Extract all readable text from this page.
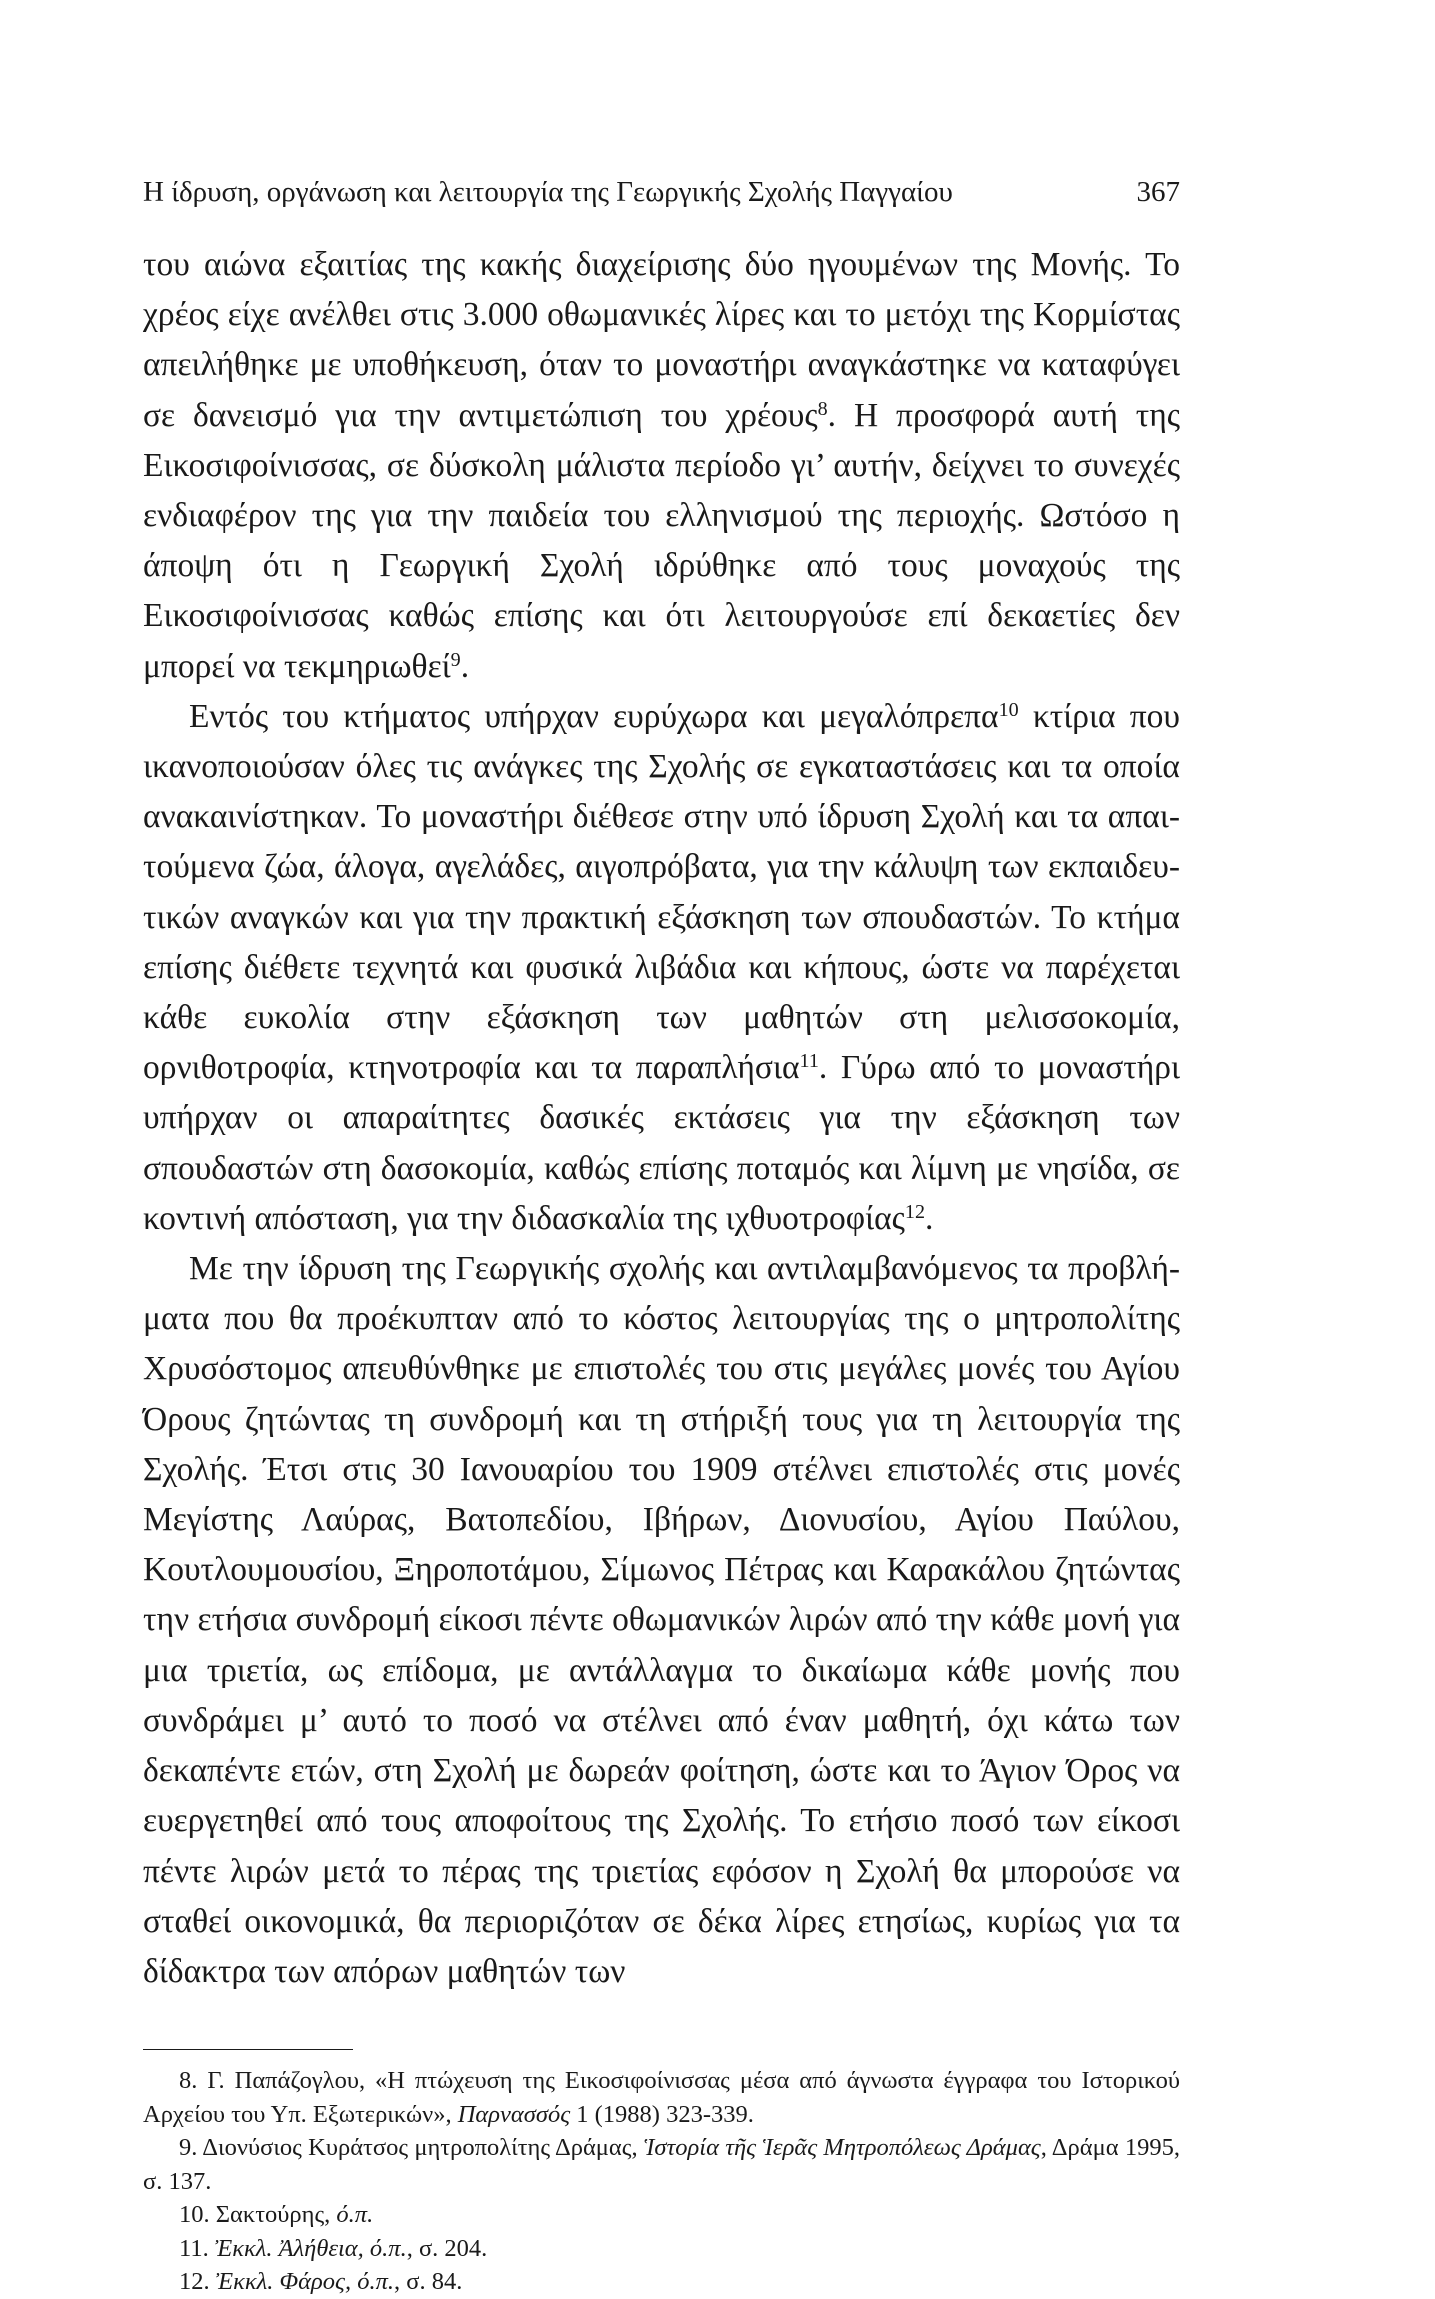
Η ίδρυση, οργάνωση και λειτουργία της Γεωργικής Σχολής Παγγαίου	367

του αιώνα εξαιτίας της κακής διαχείρισης δύο ηγουμένων της Μονής. Το χρέος είχε ανέλθει στις 3.000 οθωμανικές λίρες και το μετόχι της Κορμίστας απειλήθηκε με υποθήκευση, όταν το μοναστήρι αναγκάστηκε να καταφύγει σε δανεισμό για την αντιμετώπιση του χρέους$^8$. Η προσφορά αυτή της Εικοσιφοίνισσας, σε δύσκολη μάλιστα περίοδο γι’ αυτήν, δείχνει το συνεχές ενδιαφέρον της για την παιδεία του ελληνισμού της περιοχής. Ωστόσο η άποψη ότι η Γεωργική Σχολή ιδρύθηκε από τους μοναχούς της Εικοσιφοίνισσας καθώς επίσης και ότι λειτουργούσε επί δεκαετίες δεν μπορεί να τεκμηριωθεί$^9$.

Εντός του κτήματος υπήρχαν ευρύχωρα και μεγαλόπρεπα$^{10}$ κτίρια που ικανοποιούσαν όλες τις ανάγκες της Σχολής σε εγκαταστάσεις και τα οποία ανακαινίστηκαν. Το μοναστήρι διέθεσε στην υπό ίδρυση Σχολή και τα απαιτούμενα ζώα, άλογα, αγελάδες, αιγοπρόβατα, για την κάλυψη των εκπαιδευτικών αναγκών και για την πρακτική εξάσκηση των σπουδαστών. Το κτήμα επίσης διέθετε τεχνητά και φυσικά λιβάδια και κήπους, ώστε να παρέχεται κάθε ευκολία στην εξάσκηση των μαθητών στη μελισσοκομία, ορνιθοτροφία, κτηνοτροφία και τα παραπλήσια$^{11}$. Γύρω από το μοναστήρι υπήρχαν οι απαραίτητες δασικές εκτάσεις για την εξάσκηση των σπουδαστών στη δασοκομία, καθώς επίσης ποταμός και λίμνη με νησίδα, σε κοντινή απόσταση, για την διδασκαλία της ιχθυοτροφίας$^{12}$.

Με την ίδρυση της Γεωργικής σχολής και αντιλαμβανόμενος τα προβλήματα που θα προέκυπταν από το κόστος λειτουργίας της ο μητροπολίτης Χρυσόστομος απευθύνθηκε με επιστολές του στις μεγάλες μονές του Αγίου Όρους ζητώντας τη συνδρομή και τη στήριξή τους για τη λειτουργία της Σχολής. Έτσι στις 30 Ιανουαρίου του 1909 στέλνει επιστολές στις μονές Μεγίστης Λαύρας, Βατοπεδίου, Ιβήρων, Διονυσίου, Αγίου Παύλου, Κουτλουμουσίου, Ξηροποτάμου, Σίμωνος Πέτρας και Καρακάλου ζητώντας την ετήσια συνδρομή είκοσι πέντε οθωμανικών λιρών από την κάθε μονή για μια τριετία, ως επίδομα, με αντάλλαγμα το δικαίωμα κάθε μονής που συνδράμει μ’ αυτό το ποσό να στέλνει από έναν μαθητή, όχι κάτω των δεκαπέντε ετών, στη Σχολή με δωρεάν φοίτηση, ώστε και το Άγιον Όρος να ευεργετηθεί από τους αποφοίτους της Σχολής. Το ετήσιο ποσό των είκοσι πέντε λιρών μετά το πέρας της τριετίας εφόσον η Σχολή θα μπορούσε να σταθεί οικονομικά, θα περιοριζόταν σε δέκα λίρες ετησίως, κυρίως για τα δίδακτρα των απόρων μαθητών των

8. Γ. Παπάζογλου, «Η πτώχευση της Εικοσιφοίνισσας μέσα από άγνωστα έγγραφα του Ιστορικού Αρχείου του Υπ. Εξωτερικών», Παρνασσός 1 (1988) 323-339.

9. Διονύσιος Κυράτσος μητροπολίτης Δράμας, Ἱστορία τῆς Ἱερᾶς Μητροπόλεως Δράμας, Δράμα 1995, σ. 137.

10. Σακτούρης, ό.π.

11. Ἐκκλ. Ἀλήθεια, ό.π., σ. 204.

12. Ἐκκλ. Φάρος, ό.π., σ. 84.
